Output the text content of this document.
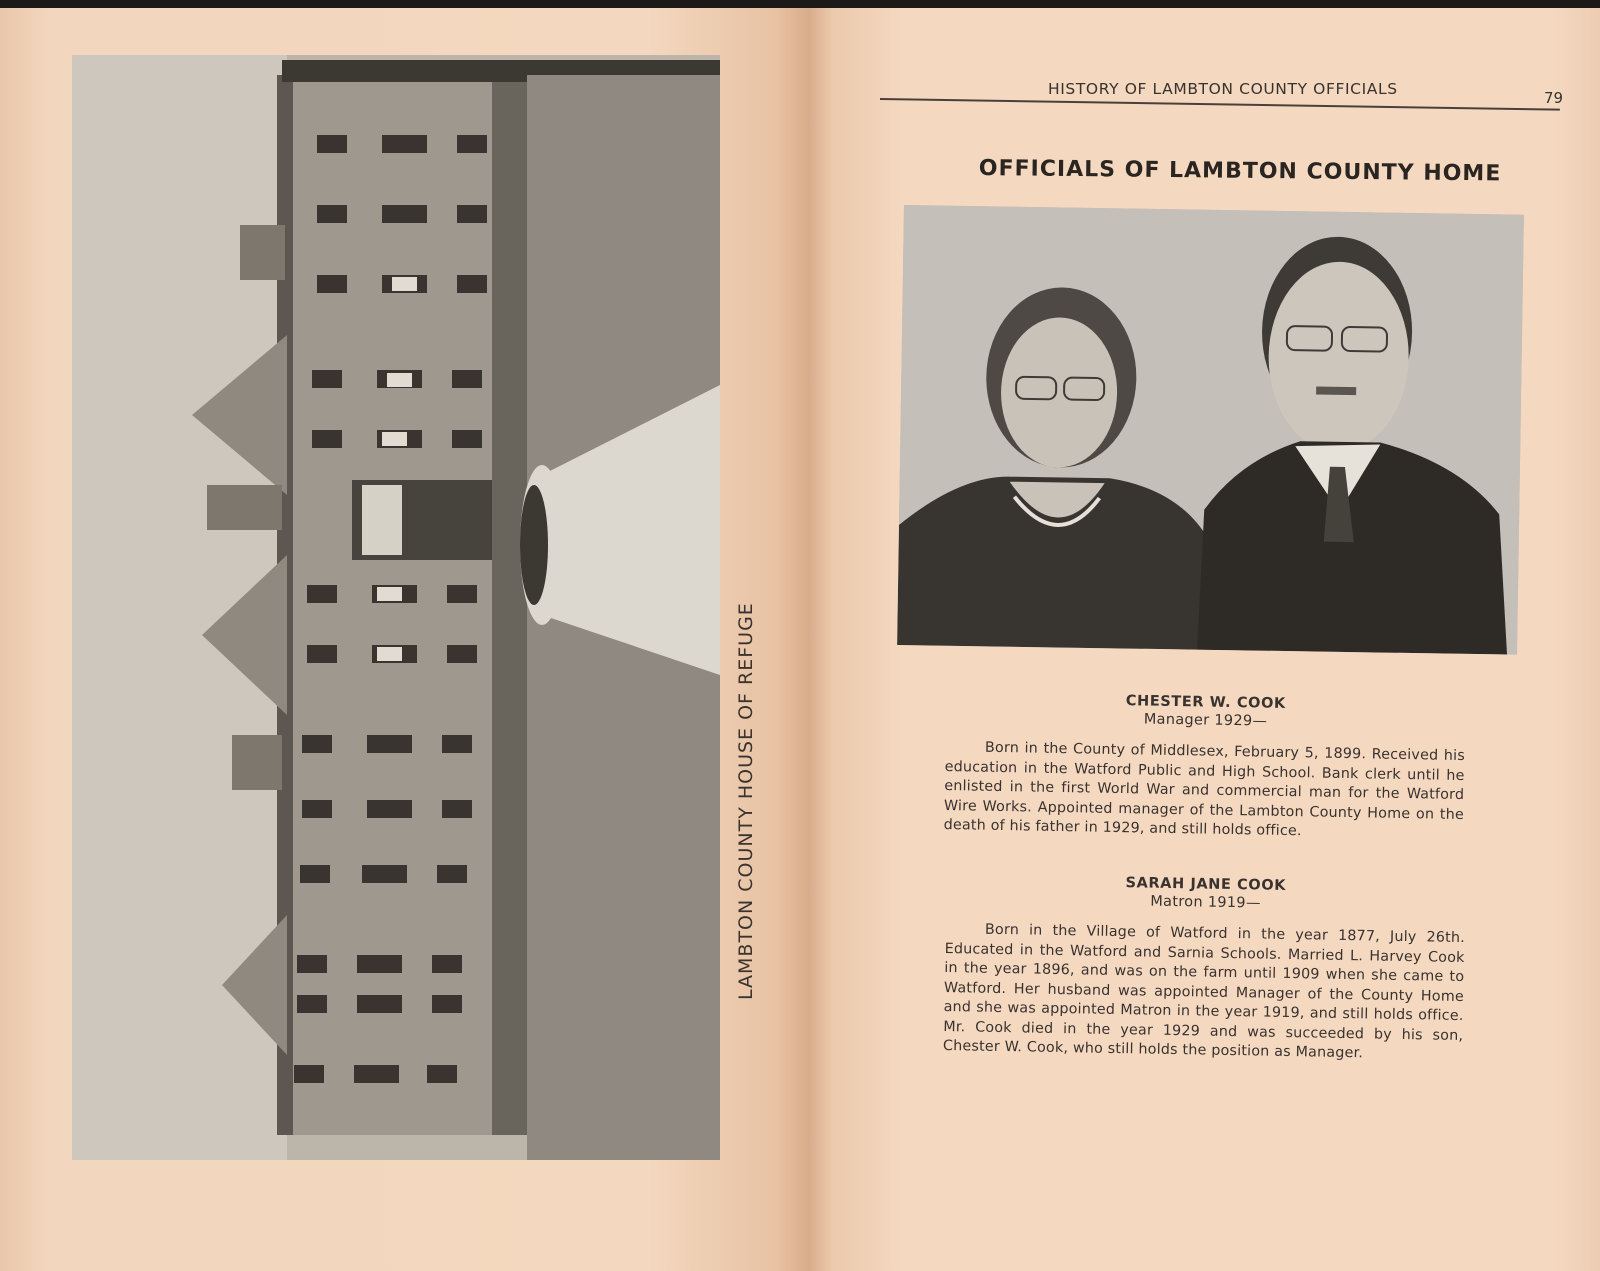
LAMBTON COUNTY HOUSE OF REFUGE
HISTORY OF LAMBTON COUNTY OFFICIALS	79
OFFICIALS OF LAMBTON COUNTY HOME
CHESTER W. COOK
Manager 1929—
Born in the County of Middlesex, February 5, 1899. Received his education in the Watford Public and High School. Bank clerk until he enlisted in the first World War and commercial man for the Watford Wire Works. Appointed manager of the Lambton County Home on the death of his father in 1929, and still holds office.
SARAH JANE COOK
Matron 1919—
Born in the Village of Watford in the year 1877, July 26th. Educated in the Watford and Sarnia Schools. Married L. Harvey Cook in the year 1896, and was on the farm until 1909 when she came to Watford. Her husband was appointed Manager of the County Home and she was appointed Matron in the year 1919, and still holds office. Mr. Cook died in the year 1929 and was succeeded by his son, Chester W. Cook, who still holds the position as Manager.
